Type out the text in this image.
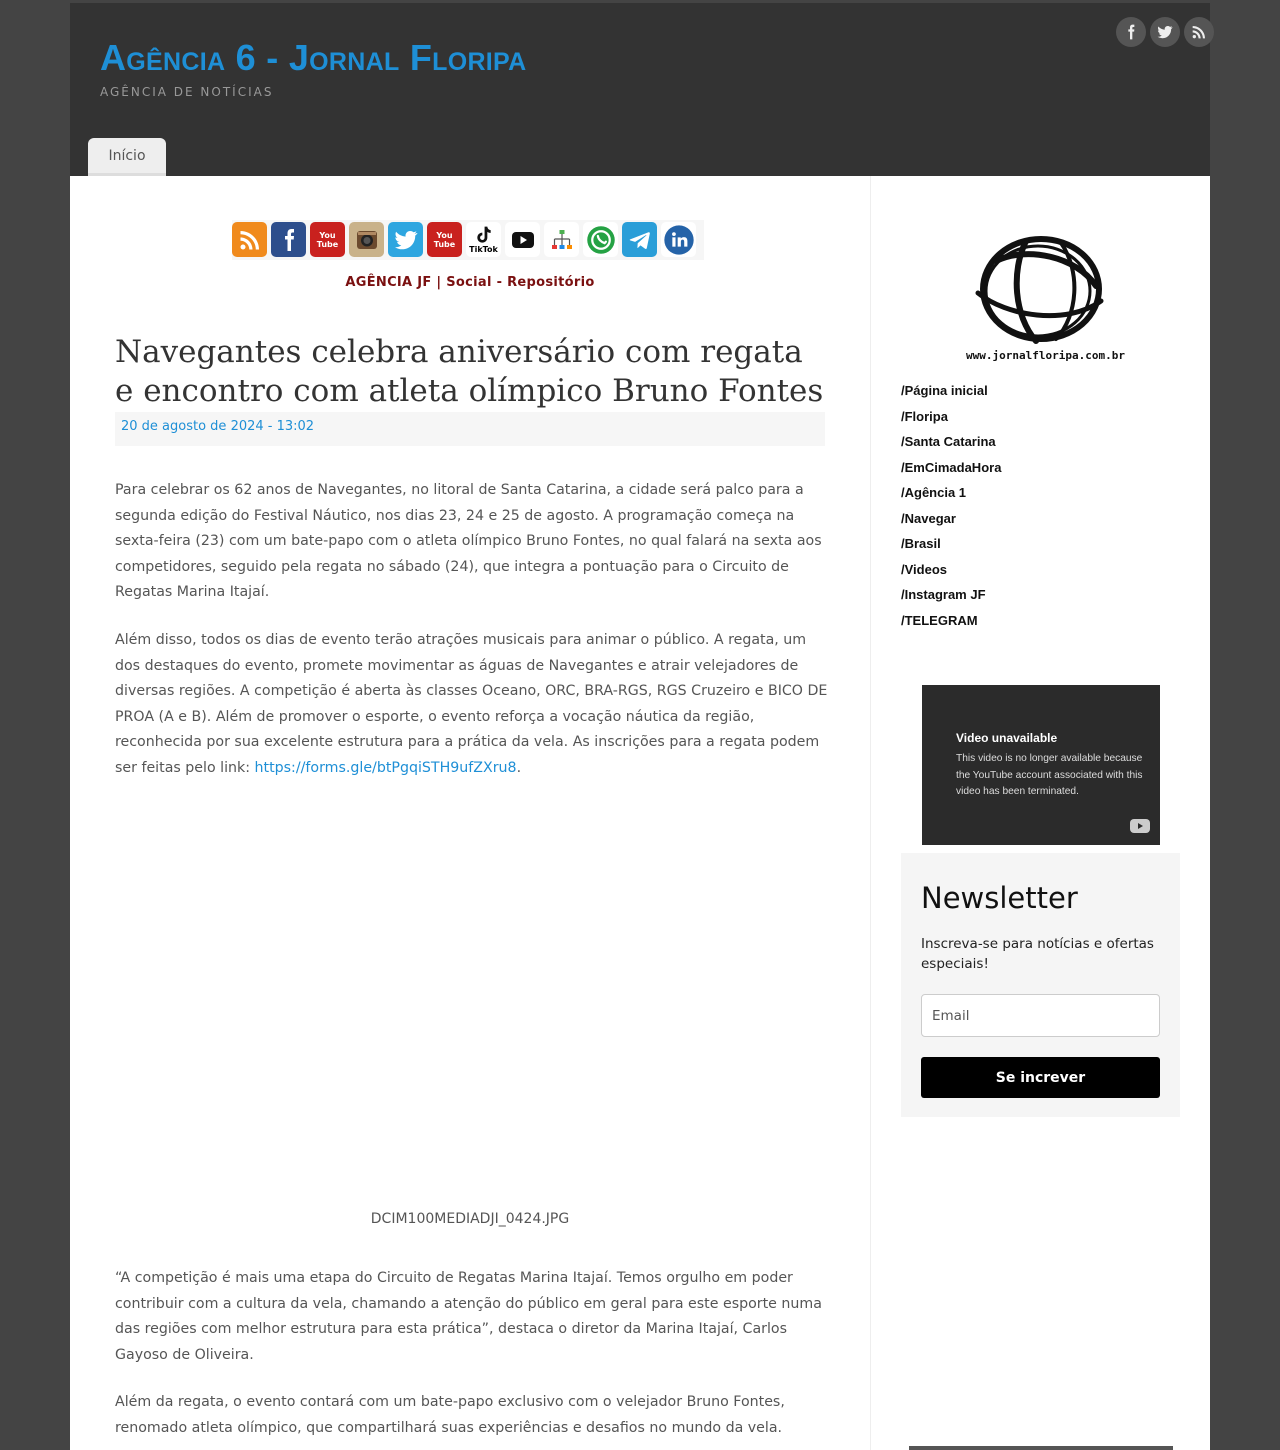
Agência 6 - Jornal Floripa
AGÊNCIA DE NOTÍCIAS
Início
You Tube
You Tube
TikTok
AGÊNCIA JF | Social - Repositório
Navegantes celebra aniversário com regata e encontro com atleta olímpico Bruno Fontes
20 de agosto de 2024 - 13:02

Para celebrar os 62 anos de Navegantes, no litoral de Santa Catarina, a cidade será palco para a segunda edição do Festival Náutico, nos dias 23, 24 e 25 de agosto. A programação começa na sexta-feira (23) com um bate-papo com o atleta olímpico Bruno Fontes, no qual falará na sexta aos competidores, seguido pela regata no sábado (24), que integra a pontuação para o Circuito de Regatas Marina Itajaí.

Além disso, todos os dias de evento terão atrações musicais para animar o público. A regata, um dos destaques do evento, promete movimentar as águas de Navegantes e atrair velejadores de diversas regiões. A competição é aberta às classes Oceano, ORC, BRA-RGS, RGS Cruzeiro e BICO DE PROA (A e B). Além de promover o esporte, o evento reforça a vocação náutica da região, reconhecida por sua excelente estrutura para a prática da vela. As inscrições para a regata podem ser feitas pelo link: https://forms.gle/btPgqiSTH9ufZXru8.

DCIM100MEDIADJI_0424.JPG

“A competição é mais uma etapa do Circuito de Regatas Marina Itajaí. Temos orgulho em poder contribuir com a cultura da vela, chamando a atenção do público em geral para este esporte numa das regiões com melhor estrutura para esta prática”, destaca o diretor da Marina Itajaí, Carlos Gayoso de Oliveira.

Além da regata, o evento contará com um bate-papo exclusivo com o velejador Bruno Fontes, renomado atleta olímpico, que compartilhará suas experiências e desafios no mundo da vela.

www.jornalfloripa.com.br
/Página inicial
/Floripa
/Santa Catarina
/EmCimadaHora
/Agência 1
/Navegar
/Brasil
/Videos
/Instagram JF
/TELEGRAM
Video unavailable
This video is no longer available because the YouTube account associated with this video has been terminated.
Newsletter
Inscreva-se para notícias e ofertas especiais!
Email
Se increver
